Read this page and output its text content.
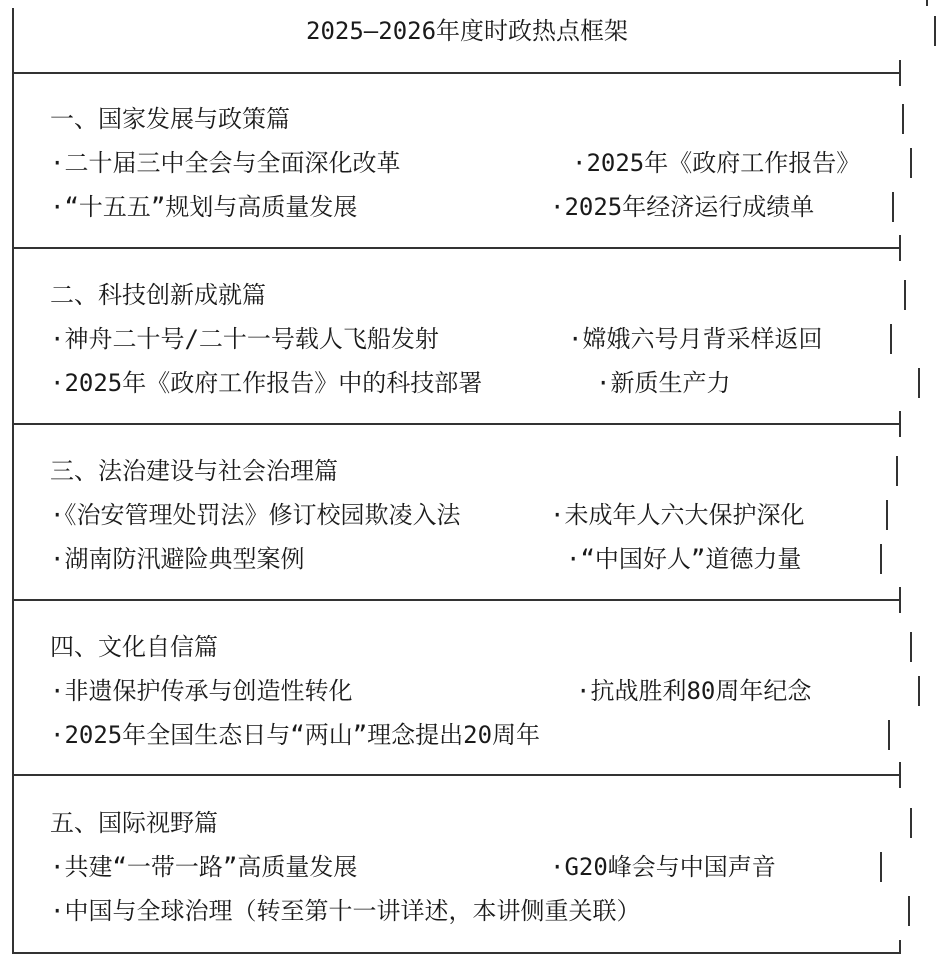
2025—2026年度时政热点框架
一、国家发展与政策篇
·二十届三中全会与全面深化改革	·2025年《政府工作报告》
·“十五五”规划与高质量发展	·2025年经济运行成绩单
二、科技创新成就篇
·神舟二十号/二十一号载人飞船发射	·嫦娥六号月背采样返回
·2025年《政府工作报告》中的科技部署	·新质生产力
三、法治建设与社会治理篇
·《治安管理处罚法》修订校园欺凌入法	·未成年人六大保护深化
·湖南防汛避险典型案例	·“中国好人”道德力量
四、文化自信篇
·非遗保护传承与创造性转化	·抗战胜利80周年纪念
·2025年全国生态日与“两山”理念提出20周年
五、国际视野篇
·共建“一带一路”高质量发展	·G20峰会与中国声音
·中国与全球治理（转至第十一讲详述，本讲侧重关联）
